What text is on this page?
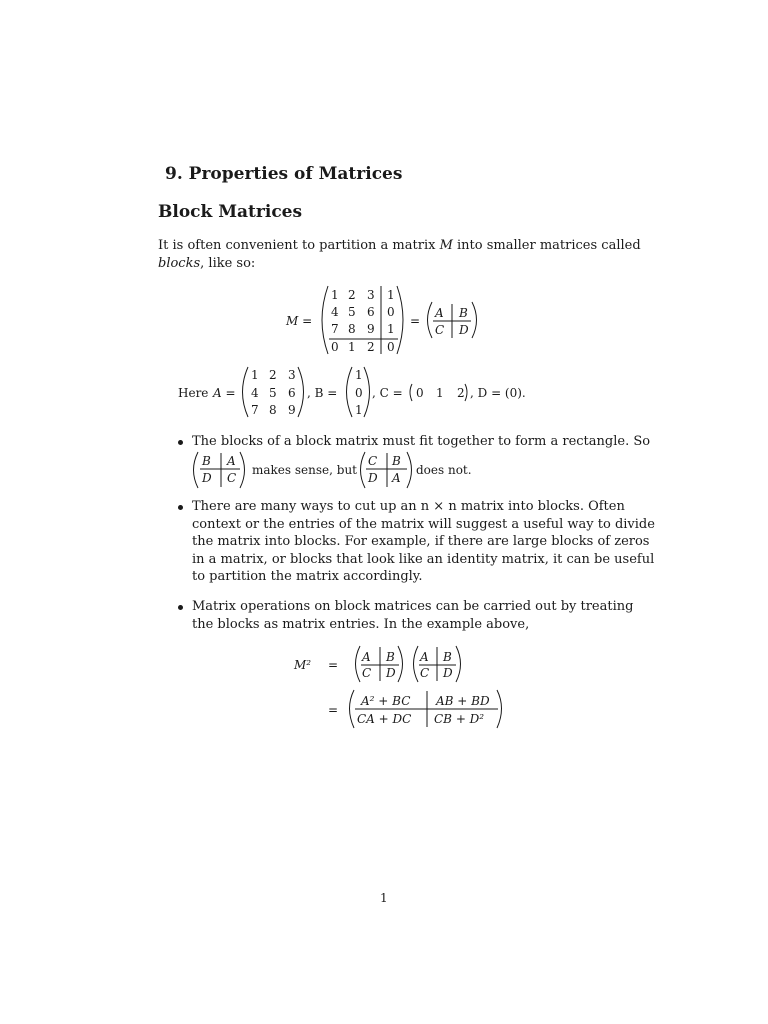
9. Properties of Matrices
Block Matrices
It is often convenient to partition a matrix M into smaller matrices called
blocks, like so:
M =
1 2 3 1
4 5 6 0
7 8 9 1
0 1 2 0
=
A B
C D
Here A =
1 2 3
4 5 6
7 8 9
, B =
1
0
1
, C = 0 1 2 , D = (0).
The blocks of a block matrix must fit together to form a rectangle. So
B A
D C
makes sense, but
C B
D A
does not.
There are many ways to cut up an n × n matrix into blocks. Often
context or the entries of the matrix will suggest a useful way to divide
the matrix into blocks. For example, if there are large blocks of zeros
in a matrix, or blocks that look like an identity matrix, it can be useful
to partition the matrix accordingly.
Matrix operations on block matrices can be carried out by treating
the blocks as matrix entries. In the example above,
M² =
A B
C D
A B
C D
=
A² + BC AB + BD
CA + DC CB + D²
1
